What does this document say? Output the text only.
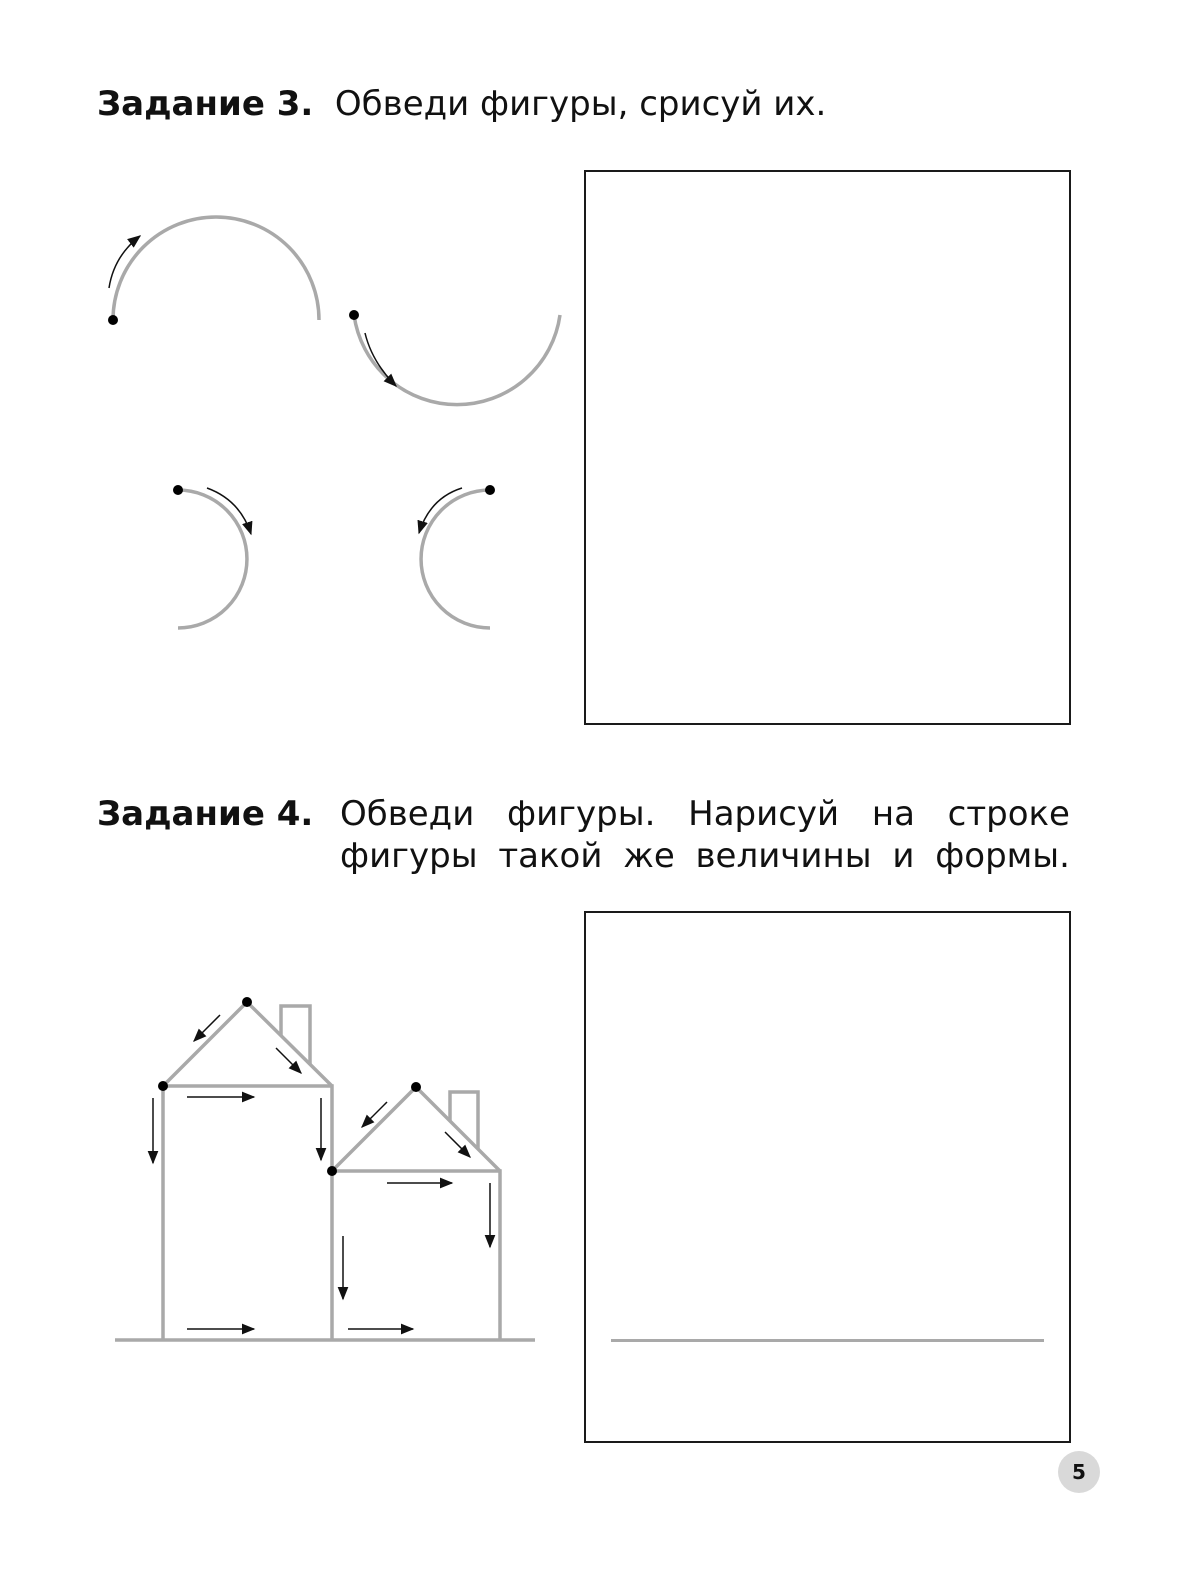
Задание 3. Обведи фигуры, срисуй их.
Задание 4. Обведи фигуры. Нарисуй на строке
фигуры такой же величины и формы.
5
